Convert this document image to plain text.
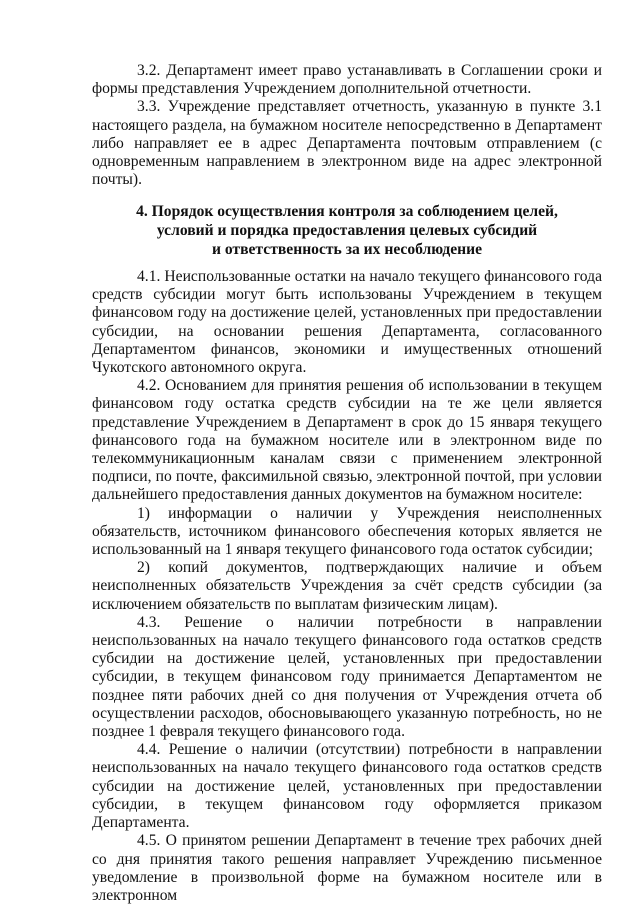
3.2. Департамент имеет право устанавливать в Соглашении сроки и формы представления Учреждением дополнительной отчетности.

3.3. Учреждение представляет отчетность, указанную в пункте 3.1 настоящего раздела, на бумажном носителе непосредственно в Департамент либо направляет ее в адрес Департамента почтовым отправлением (с одновременным направлением в электронном виде на адрес электронной почты).

4. Порядок осуществления контроля за соблюдением целей,
условий и порядка предоставления целевых субсидий
и ответственность за их несоблюдение

4.1. Неиспользованные остатки на начало текущего финансового года средств субсидии могут быть использованы Учреждением в текущем финансовом году на достижение целей, установленных при предоставлении субсидии, на основании решения Департамента, согласованного Департаментом финансов, экономики и имущественных отношений Чукотского автономного округа.

4.2. Основанием для принятия решения об использовании в текущем финансовом году остатка средств субсидии на те же цели является представление Учреждением в Департамент в срок до 15 января текущего финансового года на бумажном носителе или в электронном виде по телекоммуникационным каналам связи с применением электронной подписи, по почте, факсимильной связью, электронной почтой, при условии дальнейшего предоставления данных документов на бумажном носителе:

1) информации о наличии у Учреждения неисполненных обязательств, источником финансового обеспечения которых является не использованный на 1 января текущего финансового года остаток субсидии;

2) копий документов, подтверждающих наличие и объем неисполненных обязательств Учреждения за счёт средств субсидии (за исключением обязательств по выплатам физическим лицам).

4.3. Решение о наличии потребности в направлении неиспользованных на начало текущего финансового года остатков средств субсидии на достижение целей, установленных при предоставлении субсидии, в текущем финансовом году принимается Департаментом не позднее пяти рабочих дней со дня получения от Учреждения отчета об осуществлении расходов, обосновывающего указанную потребность, но не позднее 1 февраля текущего финансового года.

4.4. Решение о наличии (отсутствии) потребности в направлении неиспользованных на начало текущего финансового года остатков средств субсидии на достижение целей, установленных при предоставлении субсидии, в текущем финансовом году оформляется приказом Департамента.

4.5. О принятом решении Департамент в течение трех рабочих дней со дня принятия такого решения направляет Учреждению письменное уведомление в произвольной форме на бумажном носителе или в электронном
